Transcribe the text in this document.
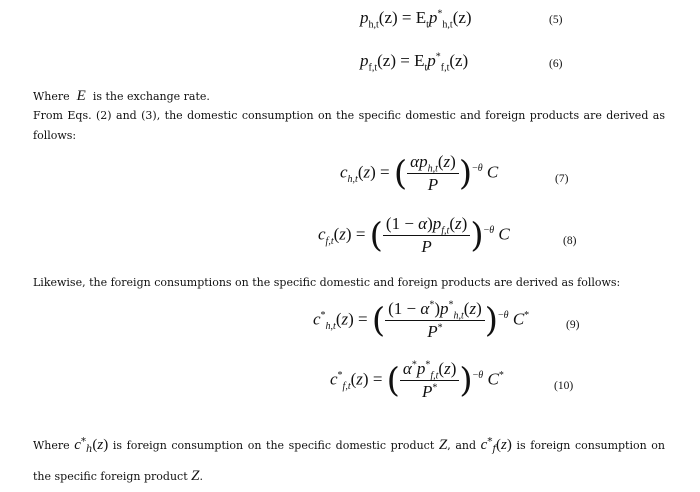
$p_{h,t}(z) = E_tp^*_{h,t}(z)$	(5)
$p_{f,t}(z) = E_tp^*_{f,t}(z)$	(6)
Where E is the exchange rate.
From Eqs. (2) and (3), the domestic consumption on the specific domestic and foreign products are derived as
follows:
$c_{h,t}(z)$ = ( $\frac{\alpha p_{h,t}(z)}{P} )^{-\theta}$ C	(7)
$c_{f,t}(z)$ = ( $\frac{(1 - \alpha)p_{f,t}(z)}{P} )^{-\theta}$ C	(8)
Likewise, the foreign consumptions on the specific domestic and foreign products are derived as follows:
$c^*_{h,t}(z)$ = ( $\frac{(1 - \alpha^*)p^*_{h,t}(z)}{P^*} )^{-\theta}$ C*
(9)
$c^*_{f,t}(z)$ = ( $\frac{\alpha^*p^*_{f,t}(z)}{P^*} )^{-\theta}$ C*
(10)
Where $c^*_h(z)$ is foreign consumption on the specific domestic product Z, and $c^*_f(z)$ is foreign consumption on
the specific foreign product Z.
